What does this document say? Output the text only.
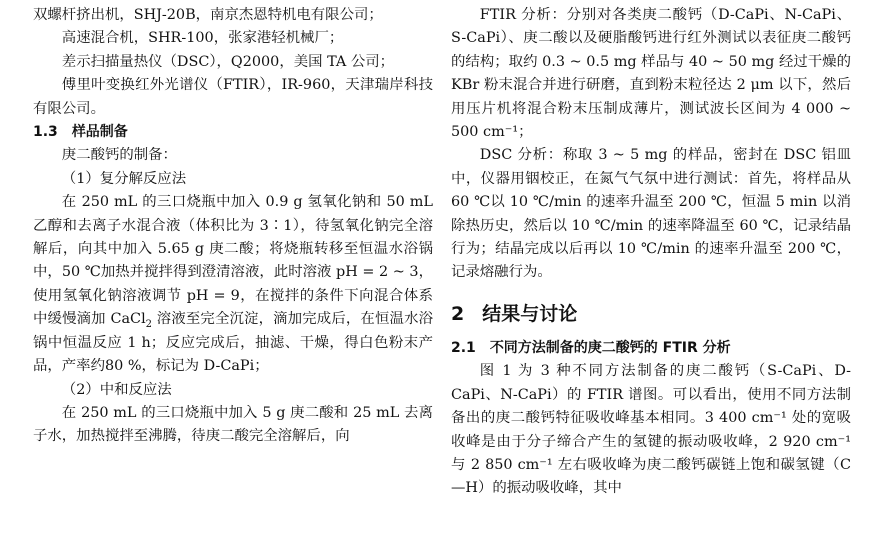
双螺杆挤出机，SHJ-20B，南京杰恩特机电有限公司；

高速混合机，SHR-100，张家港轻机械厂；

差示扫描量热仪（DSC），Q2000，美国 TA 公司；

傅里叶变换红外光谱仪（FTIR），IR-960，天津瑞岸科技有限公司。

1.3 样品制备

庚二酸钙的制备：

（1）复分解反应法

在 250 mL 的三口烧瓶中加入 0.9 g 氢氧化钠和 50 mL 乙醇和去离子水混合液（体积比为 3∶1），待氢氧化钠完全溶解后，向其中加入 5.65 g 庚二酸；将烧瓶转移至恒温水浴锅中，50 ℃加热并搅拌得到澄清溶液，此时溶液 pH = 2 ~ 3，使用氢氧化钠溶液调节 pH = 9，在搅拌的条件下向混合体系中缓慢滴加 CaCl$_2$ 溶液至完全沉淀，滴加完成后，在恒温水浴锅中恒温反应 1 h；反应完成后，抽滤、干燥，得白色粉末产品，产率约80 %，标记为 D-CaPi；

（2）中和反应法

在 250 mL 的三口烧瓶中加入 5 g 庚二酸和 25 mL 去离子水，加热搅拌至沸腾，待庚二酸完全溶解后，向

FTIR 分析：分别对各类庚二酸钙（D-CaPi、N-CaPi、S-CaPi）、庚二酸以及硬脂酸钙进行红外测试以表征庚二酸钙的结构；取约 0.3 ~ 0.5 mg 样品与 40 ~ 50 mg 经过干燥的 KBr 粉末混合并进行研磨，直到粉末粒径达 2 μm 以下，然后用压片机将混合粉末压制成薄片，测试波长区间为 4 000 ~ 500 cm⁻¹；

DSC 分析：称取 3 ~ 5 mg 的样品，密封在 DSC 铝皿中，仪器用铟校正，在氮气气氛中进行测试：首先，将样品从 60 ℃以 10 ℃/min 的速率升温至 200 ℃，恒温 5 min 以消除热历史，然后以 10 ℃/min 的速率降温至 60 ℃，记录结晶行为；结晶完成以后再以 10 ℃/min 的速率升温至 200 ℃，记录熔融行为。

2 结果与讨论
2.1 不同方法制备的庚二酸钙的 FTIR 分析

图 1 为 3 种不同方法制备的庚二酸钙（S-CaPi、D-CaPi、N-CaPi）的 FTIR 谱图。可以看出，使用不同方法制备出的庚二酸钙特征吸收峰基本相同。3 400 cm⁻¹ 处的宽吸收峰是由于分子缔合产生的氢键的振动吸收峰，2 920 cm⁻¹ 与 2 850 cm⁻¹ 左右吸收峰为庚二酸钙碳链上饱和碳氢键（C—H）的振动吸收峰，其中
